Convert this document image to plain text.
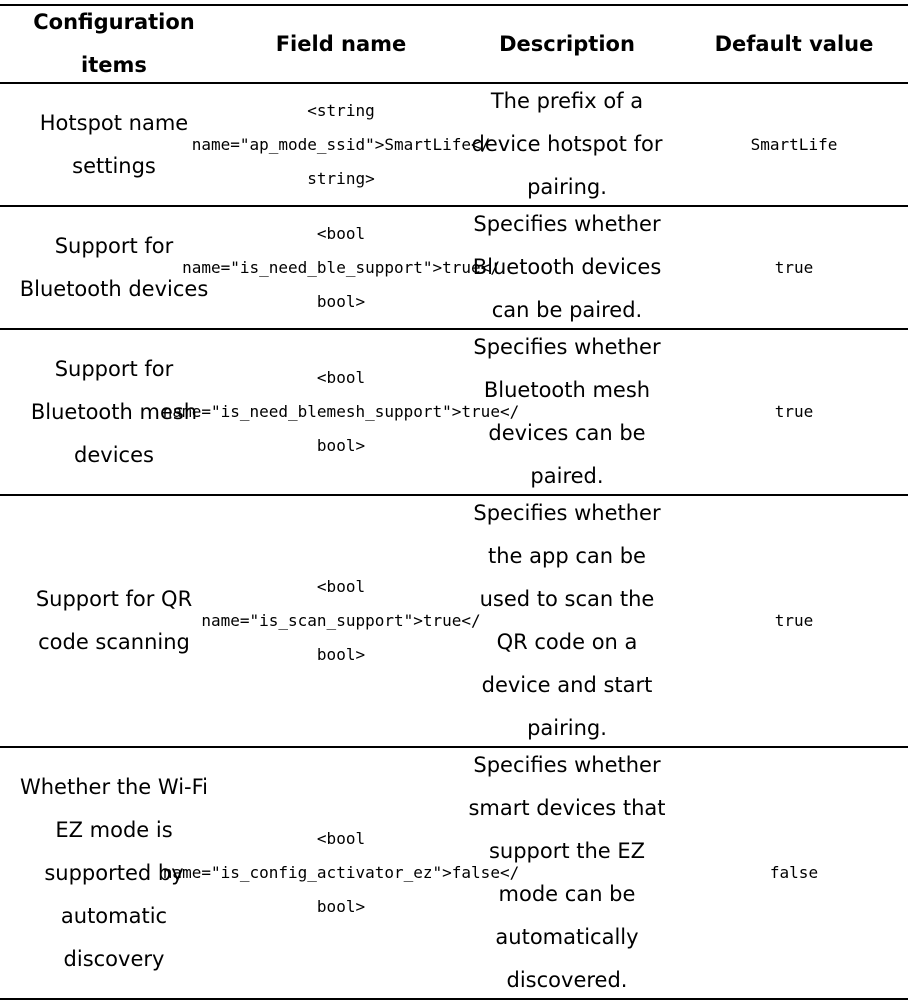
Configuration
items
Field name	Description	Default value
Hotspot name
settings
<string
name="ap_mode_ssid">SmartLife</
string>
The prefix of a
device hotspot for
pairing.
SmartLife
Support for
Bluetooth devices
<bool
name="is_need_ble_support">true</
bool>
Specifies whether
Bluetooth devices
can be paired.
true
Support for
Bluetooth mesh
devices
<bool
name="is_need_blemesh_support">true</
bool>
Specifies whether
Bluetooth mesh
devices can be
paired.
true
Support for QR
code scanning
<bool
name="is_scan_support">true</
bool>
Specifies whether
the app can be
used to scan the
QR code on a
device and start
pairing.
true
Whether the Wi-Fi
EZ mode is
supported by
automatic
discovery
<bool
name="is_config_activator_ez">false</
bool>
Specifies whether
smart devices that
support the EZ
mode can be
automatically
discovered.
false
